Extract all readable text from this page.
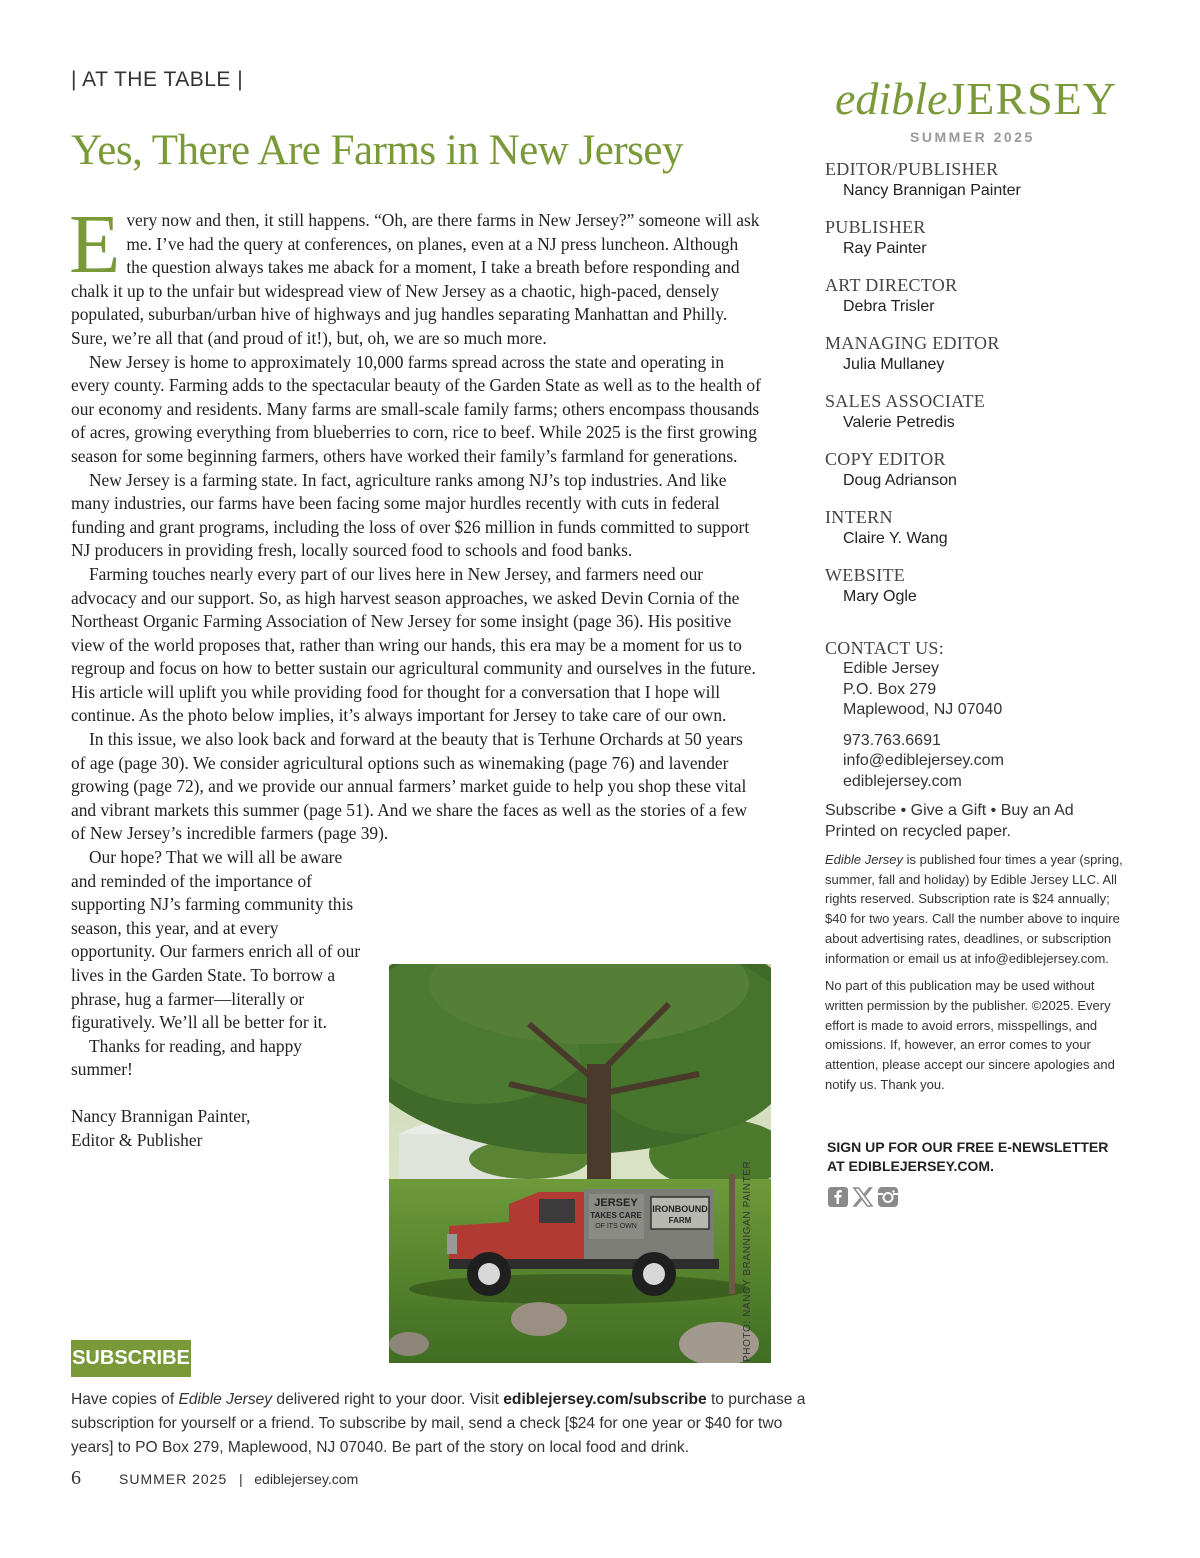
| AT THE TABLE |
Yes, There Are Farms in New Jersey

Every now and then, it still happens. “Oh, are there farms in New Jersey?” someone will ask me. I’ve had the query at conferences, on planes, even at a NJ press luncheon. Although the question always takes me aback for a moment, I take a breath before responding and chalk it up to the unfair but widespread view of New Jersey as a chaotic, high-paced, densely populated, suburban/urban hive of highways and jug handles separating Manhattan and Philly. Sure, we’re all that (and proud of it!), but, oh, we are so much more.

New Jersey is home to approximately 10,000 farms spread across the state and operating in every county. Farming adds to the spectacular beauty of the Garden State as well as to the health of our economy and residents. Many farms are small-scale family farms; others encompass thousands of acres, growing everything from blueberries to corn, rice to beef. While 2025 is the first growing season for some beginning farmers, others have worked their family’s farmland for generations.

New Jersey is a farming state. In fact, agriculture ranks among NJ’s top industries. And like many industries, our farms have been facing some major hurdles recently with cuts in federal funding and grant programs, including the loss of over $26 million in funds committed to support NJ producers in providing fresh, locally sourced food to schools and food banks.

Farming touches nearly every part of our lives here in New Jersey, and farmers need our advocacy and our support. So, as high harvest season approaches, we asked Devin Cornia of the Northeast Organic Farming Association of New Jersey for some insight (page 36). His positive view of the world proposes that, rather than wring our hands, this era may be a moment for us to regroup and focus on how to better sustain our agricultural community and ourselves in the future. His article will uplift you while providing food for thought for a conversation that I hope will continue. As the photo below implies, it’s always important for Jersey to take care of our own.

In this issue, we also look back and forward at the beauty that is Terhune Orchards at 50 years of age (page 30). We consider agricultural options such as winemaking (page 76) and lavender growing (page 72), and we provide our annual farmers’ market guide to help you shop these vital and vibrant markets this summer (page 51). And we share the faces as well as the stories of a few of New Jersey’s incredible farmers (page 39).

Our hope? That we will all be aware and reminded of the importance of supporting NJ’s farming community this season, this year, and at every opportunity. Our farmers enrich all of our lives in the Garden State. To borrow a phrase, hug a farmer—literally or figuratively. We’ll all be better for it.

Thanks for reading, and happy summer!

Nancy Brannigan Painter,

Editor & Publisher

JERSEY
TAKES CARE
OF ITS OWN
IRONBOUND
FARM	PHOTO: NANCY BRANNIGAN PAINTER
SUBSCRIBE
Have copies of Edible Jersey delivered right to your door. Visit ediblejersey.com/subscribe to purchase a subscription for yourself or a friend. To subscribe by mail, send a check [$24 for one year or $40 for two years] to PO Box 279, Maplewood, NJ 07040. Be part of the story on local food and drink.
6	SUMMER 2025 | ediblejersey.com
edibleJERSEY
SUMMER 2025
EDITOR/PUBLISHER
Nancy Brannigan Painter
PUBLISHER
Ray Painter
ART DIRECTOR
Debra Trisler
MANAGING EDITOR
Julia Mullaney
SALES ASSOCIATE
Valerie Petredis
COPY EDITOR
Doug Adrianson
INTERN
Claire Y. Wang
WEBSITE
Mary Ogle
CONTACT US:
Edible Jersey
P.O. Box 279
Maplewood, NJ 07040
973.763.6691
info@ediblejersey.com
ediblejersey.com
Subscribe • Give a Gift • Buy an Ad
Printed on recycled paper.

Edible Jersey is published four times a year (spring, summer, fall and holiday) by Edible Jersey LLC. All rights reserved. Subscription rate is $24 annually; $40 for two years. Call the number above to inquire about advertising rates, deadlines, or subscription information or email us at info@ediblejersey.com.

No part of this publication may be used without written permission by the publisher. ©2025. Every effort is made to avoid errors, misspellings, and omissions. If, however, an error comes to your attention, please accept our sincere apologies and notify us. Thank you.

SIGN UP FOR OUR FREE E-NEWSLETTER AT EDIBLEJERSEY.COM.
